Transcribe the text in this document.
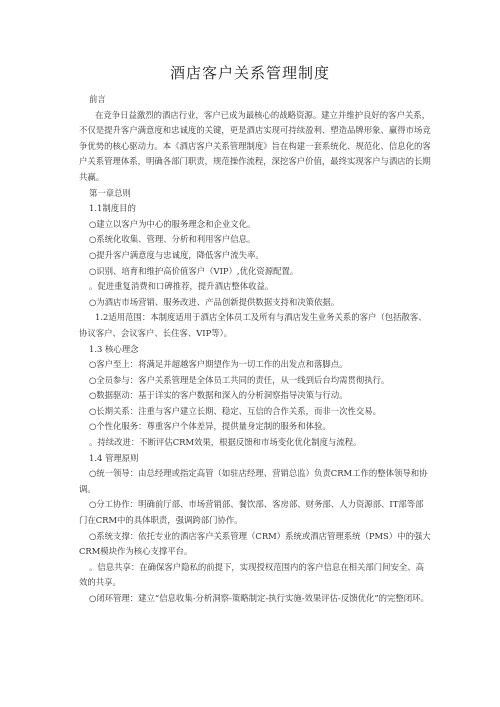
酒店客户关系管理制度
前言
在竞争日益激烈的酒店行业，客户已成为最核心的战略资源。建立并维护良好的客户关系，不仅是提升客户满意度和忠诚度的关键，更是酒店实现可持续盈利、塑造品牌形象、赢得市场竞争优势的核心驱动力。本《酒店客户关系管理制度》旨在构建一套系统化、规范化、信息化的客户关系管理体系，明确各部门职责，规范操作流程，深挖客户价值，最终实现客户与酒店的长期共赢。
第一章总则
1.1制度目的
○建立以客户为中心的服务理念和企业文化。
○系统化收集、管理、分析和利用客户信息。
○提升客户满意度与忠诚度，降低客户流失率。
○识别、培育和维护高价值客户（VIP）,优化资源配置。
。促进重复消费和口碑推荐，提升酒店整体收益。
○为酒店市场营销、服务改进、产品创新提供数据支持和决策依据。
1.2适用范围：本制度适用于酒店全体员工及所有与酒店发生业务关系的客户（包括散客、协议客户、会议客户、长住客、VIP等）。
1.3 核心理念
○客户至上：将满足并超越客户期望作为一切工作的出发点和落脚点。
○全员参与：客户关系管理是全体员工共同的责任，从一线到后台均需贯彻执行。
○数据驱动：基于详实的客户数据和深入的分析洞察指导决策与行动。
○长期关系：注重与客户建立长期、稳定、互信的合作关系，而非一次性交易。
○个性化服务：尊重客户个体差异，提供量身定制的服务和体验。
。持续改进：不断评估CRM效果，根据反馈和市场变化优化制度与流程。
1.4 管理原则
○统一领导：由总经理或指定高管（如驻店经理、营销总监）负责CRM工作的整体领导和协调。
○分工协作：明确前厅部、市场营销部、餐饮部、客房部、财务部、人力资源部、IT部等部门在CRM中的具体职责，强调跨部门协作。
○系统支撑：依托专业的酒店客户关系管理（CRM）系统或酒店管理系统（PMS）中的强大CRM模块作为核心支撑平台。
。信息共享：在确保客户隐私的前提下，实现授权范围内的客户信息在相关部门间安全、高效的共享。
○闭环管理：建立“信息收集-分析洞察-策略制定-执行实施-效果评估-反馈优化”的完整闭环。
